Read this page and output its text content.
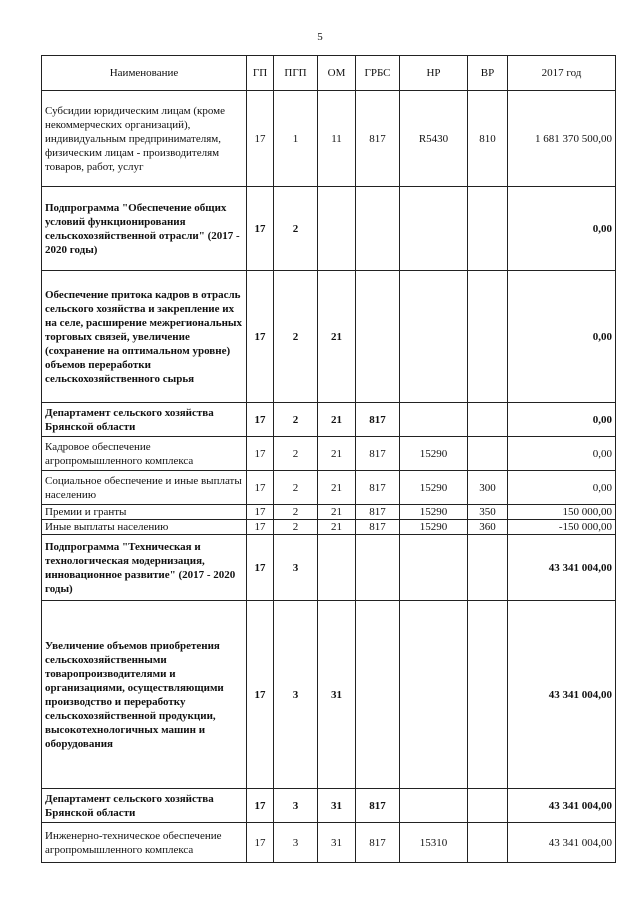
5
Наименование	ГП	ПГП	ОМ	ГРБС	НР	ВР	2017 год
Субсидии юридическим лицам (кроме некоммерческих организаций), индивидуальным предпринимателям, физическим лицам - производителям товаров, работ, услуг	17	1	11	817	R5430	810	1 681 370 500,00
Подпрограмма "Обеспечение общих условий функционирования сельскохозяйственной отрасли" (2017 - 2020 годы)	17	2					0,00
Обеспечение притока кадров в отрасль сельского хозяйства и закрепление их на селе, расширение межрегиональных торговых связей, увеличение (сохранение на оптимальном уровне) объемов переработки сельскохозяйственного сырья	17	2	21				0,00
Департамент сельского хозяйства Брянской области	17	2	21	817			0,00
Кадровое обеспечение агропромышленного комплекса	17	2	21	817	15290		0,00
Социальное обеспечение и иные выплаты населению	17	2	21	817	15290	300	0,00
Премии и гранты	17	2	21	817	15290	350	150 000,00
Иные выплаты населению	17	2	21	817	15290	360	-150 000,00
Подпрограмма "Техническая и технологическая модернизация, инновационное развитие" (2017 - 2020 годы)	17	3					43 341 004,00
Увеличение объемов приобретения сельскохозяйственными товаропроизводителями и организациями, осуществляющими производство и переработку сельскохозяйственной продукции, высокотехнологичных машин и оборудования	17	3	31				43 341 004,00
Департамент сельского хозяйства Брянской области	17	3	31	817			43 341 004,00
Инженерно-техническое обеспечение агропромышленного комплекса	17	3	31	817	15310		43 341 004,00
